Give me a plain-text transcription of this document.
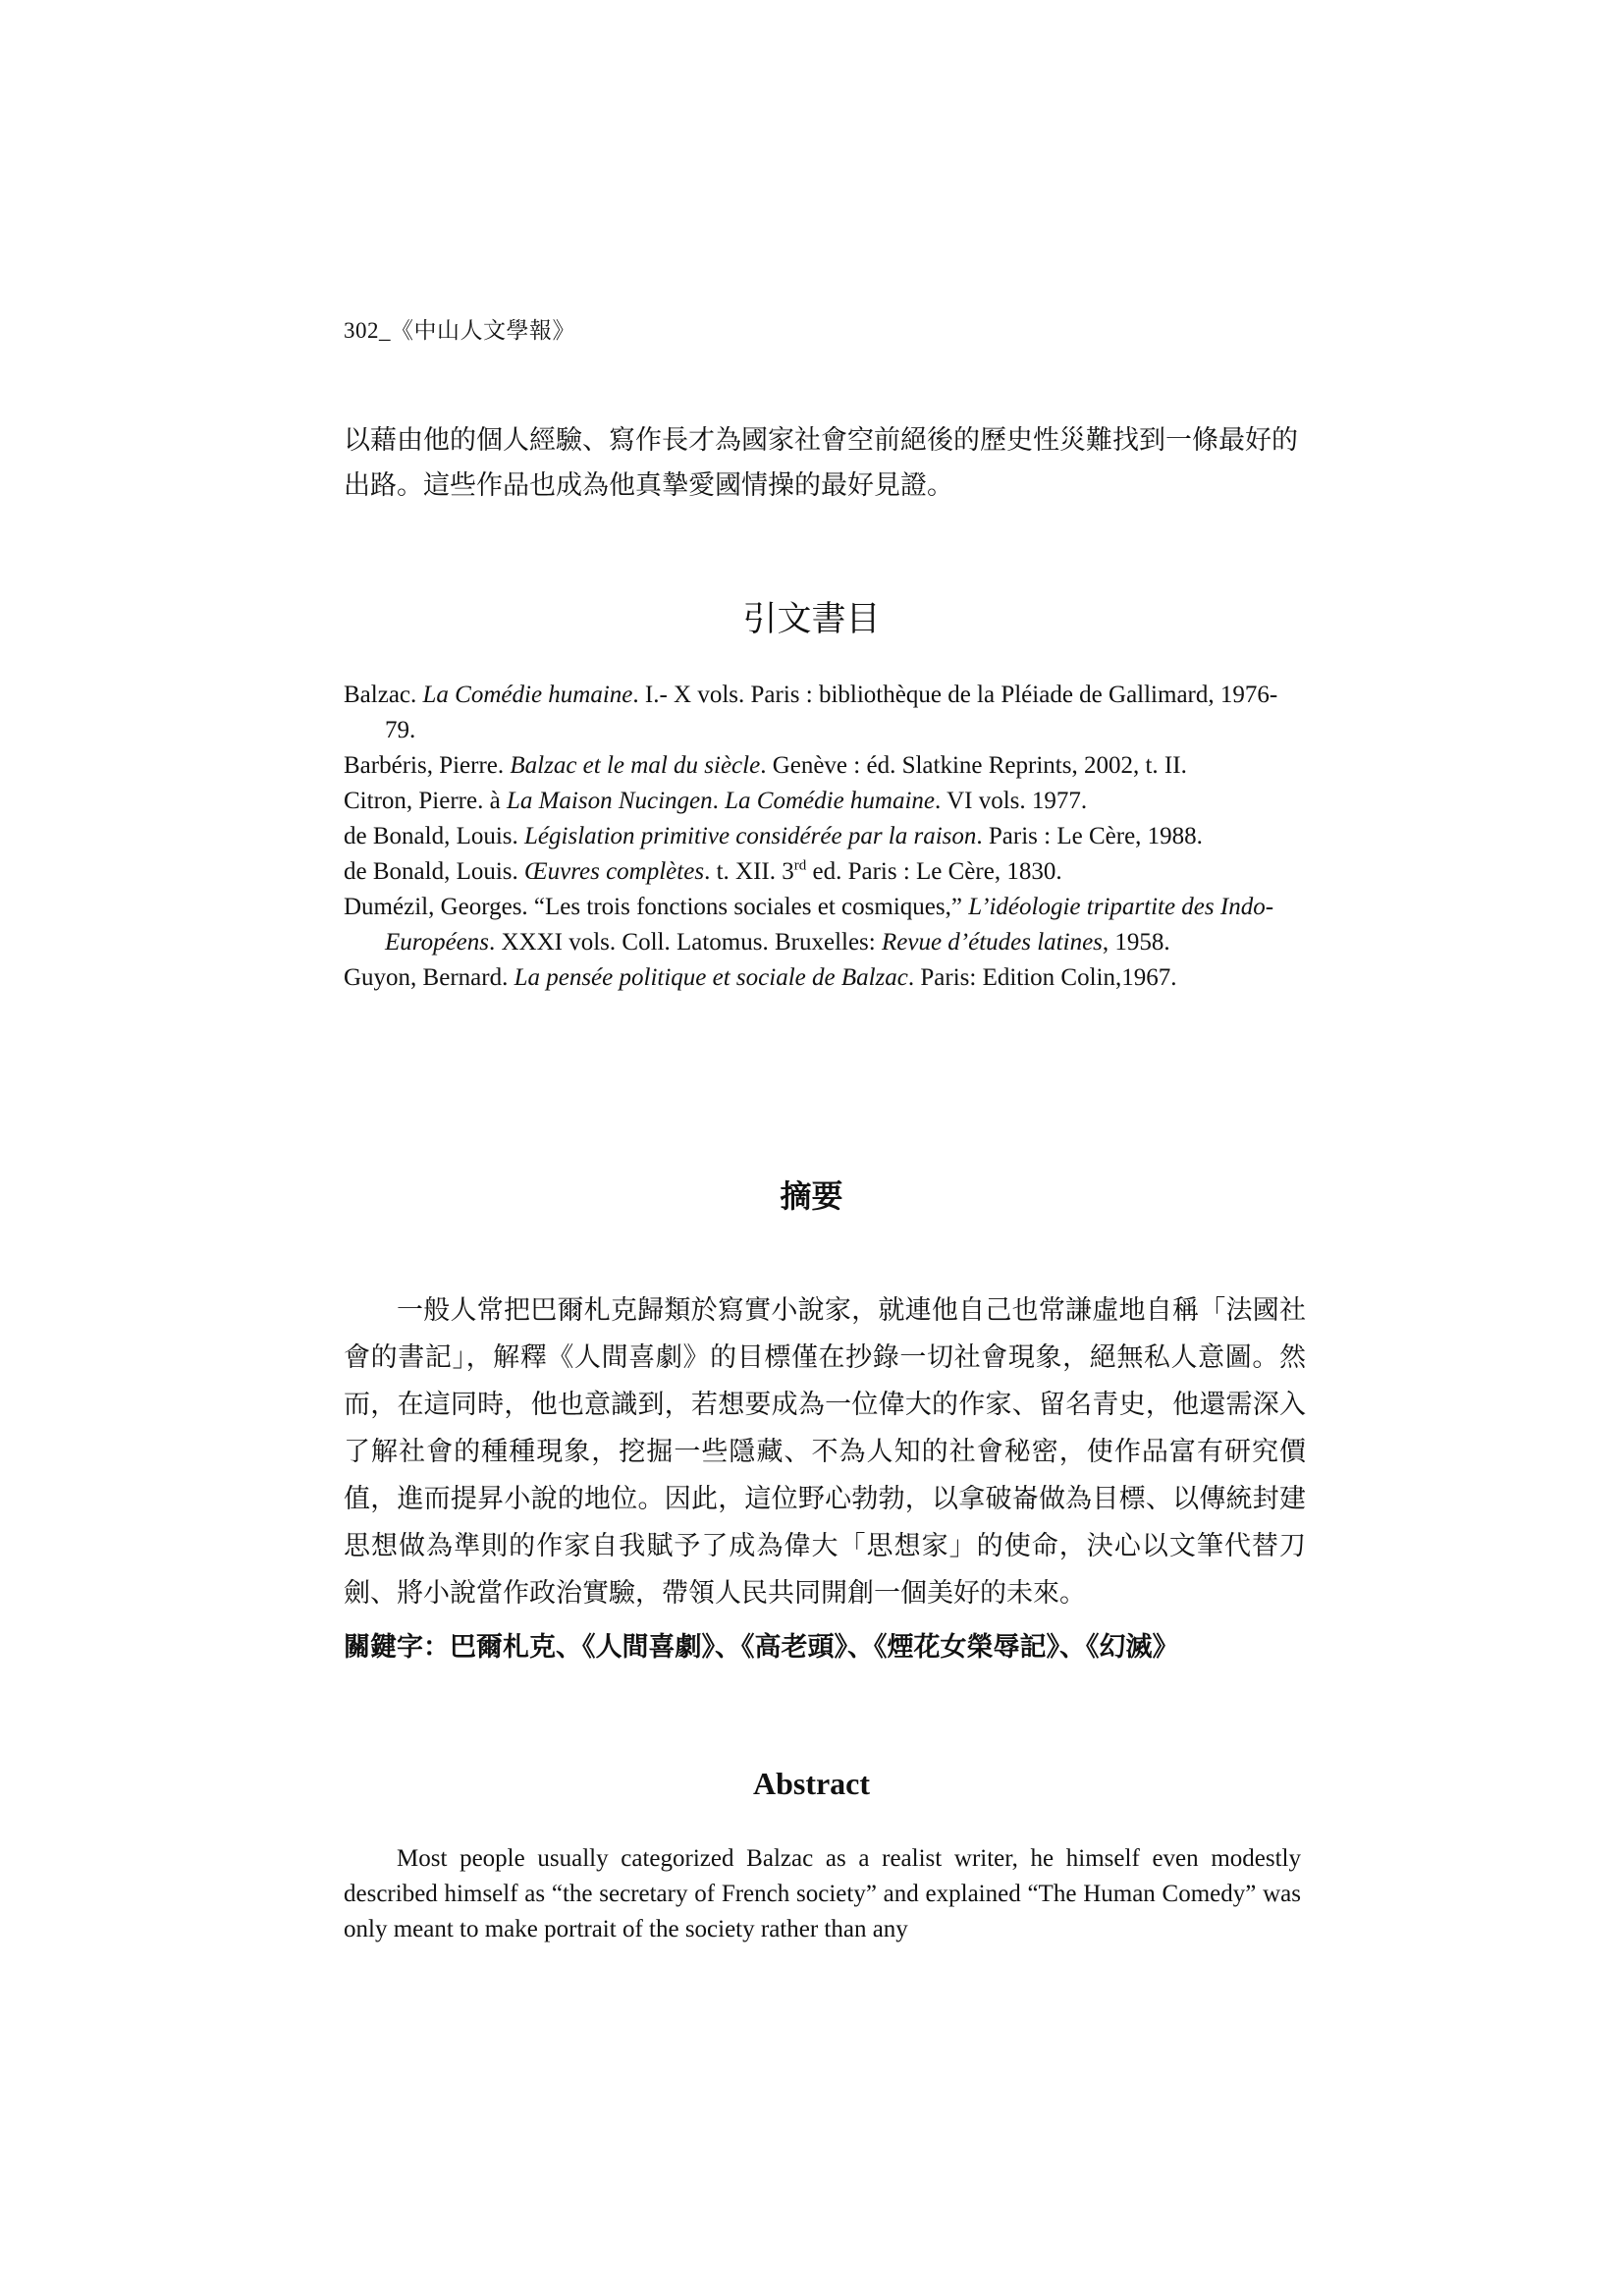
302_《中山人文學報》

以藉由他的個人經驗、寫作長才為國家社會空前絕後的歷史性災難找到一條最好的出路。這些作品也成為他真摯愛國情操的最好見證。

引文書目
Balzac. La Comédie humaine. I.- X vols. Paris : bibliothèque de la Pléiade de Gallimard, 1976-79.
Barbéris, Pierre. Balzac et le mal du siècle. Genève : éd. Slatkine Reprints, 2002, t. II.
Citron, Pierre. à La Maison Nucingen. La Comédie humaine. VI vols. 1977.
de Bonald, Louis. Législation primitive considérée par la raison. Paris : Le Cère, 1988.
de Bonald, Louis. Œuvres complètes. t. XII. 3rd ed. Paris : Le Cère, 1830.
Dumézil, Georges. “Les trois fonctions sociales et cosmiques,” L’idéologie tripartite des Indo-Européens. XXXI vols. Coll. Latomus. Bruxelles: Revue d’études latines, 1958.
Guyon, Bernard. La pensée politique et sociale de Balzac. Paris: Edition Colin,1967.
摘要

一般人常把巴爾札克歸類於寫實小說家，就連他自己也常謙虛地自稱「法國社會的書記」，解釋《人間喜劇》的目標僅在抄錄一切社會現象，絕無私人意圖。然而，在這同時，他也意識到，若想要成為一位偉大的作家、留名青史，他還需深入了解社會的種種現象，挖掘一些隱藏、不為人知的社會秘密，使作品富有研究價值，進而提昇小說的地位。因此，這位野心勃勃，以拿破崙做為目標、以傳統封建思想做為準則的作家自我賦予了成為偉大「思想家」的使命，決心以文筆代替刀劍、將小說當作政治實驗，帶領人民共同開創一個美好的未來。

關鍵字：巴爾札克、《人間喜劇》、《高老頭》、《煙花女榮辱記》、《幻滅》

Abstract

Most people usually categorized Balzac as a realist writer, he himself even modestly described himself as “the secretary of French society” and explained “The Human Comedy” was only meant to make portrait of the society rather than any
